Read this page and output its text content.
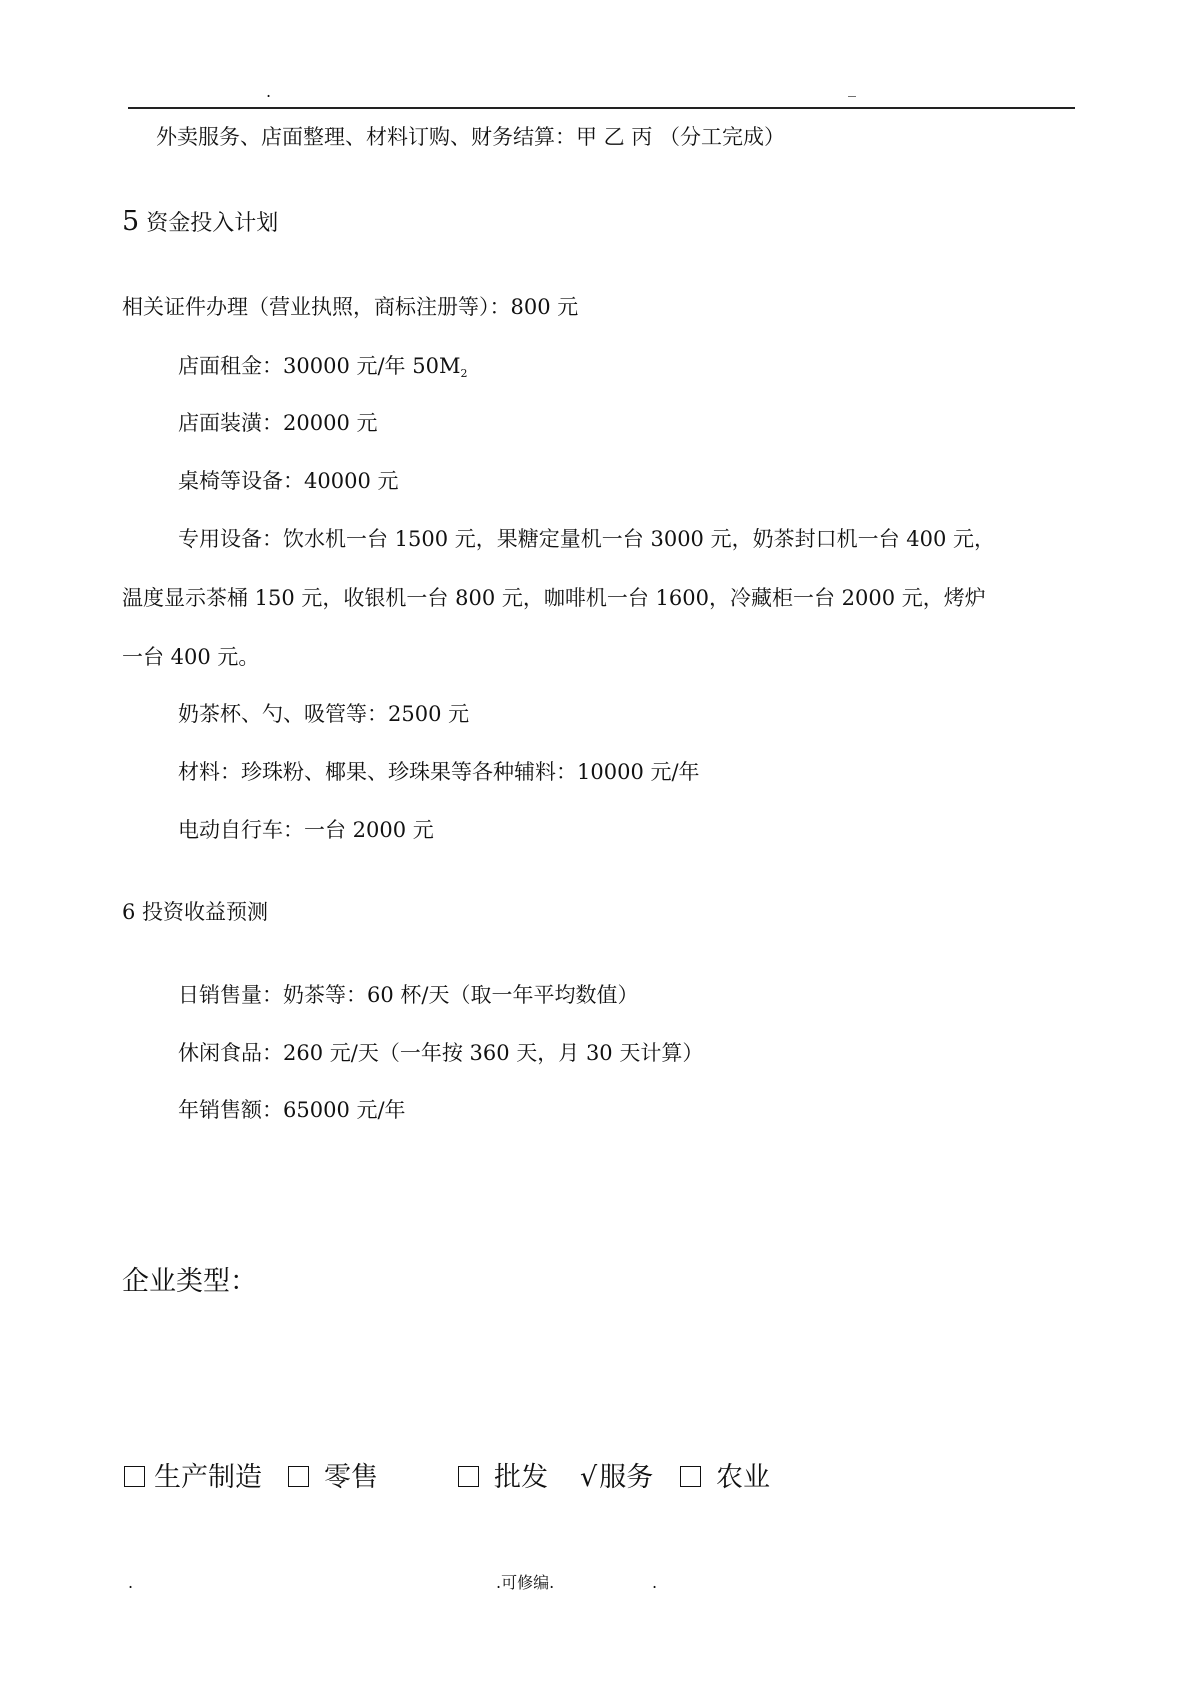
.	_
外卖服务、店面整理、材料订购、财务结算：甲 乙 丙 （分工完成）
5 资金投入计划
相关证件办理（营业执照，商标注册等）：800 元
店面租金：30000 元/年 $50M_2$
店面装潢：20000 元
桌椅等设备：40000 元
专用设备：饮水机一台 1500 元，果糖定量机一台 3000 元，奶茶封口机一台 400 元，
温度显示茶桶 150 元，收银机一台 800 元，咖啡机一台 1600，冷藏柜一台 2000 元，烤炉
一台 400 元。
奶茶杯、勺、吸管等：2500 元
材料：珍珠粉、椰果、珍珠果等各种辅料：10000 元/年
电动自行车：一台 2000 元
6 投资收益预测
日销售量：奶茶等：60 杯/天（取一年平均数值）
休闲食品：260 元/天（一年按 360 天，月 30 天计算）
年销售额：65000 元/年
企业类型：
生产制造	零售	批发 √服务	农业
.	.可修编.	.
